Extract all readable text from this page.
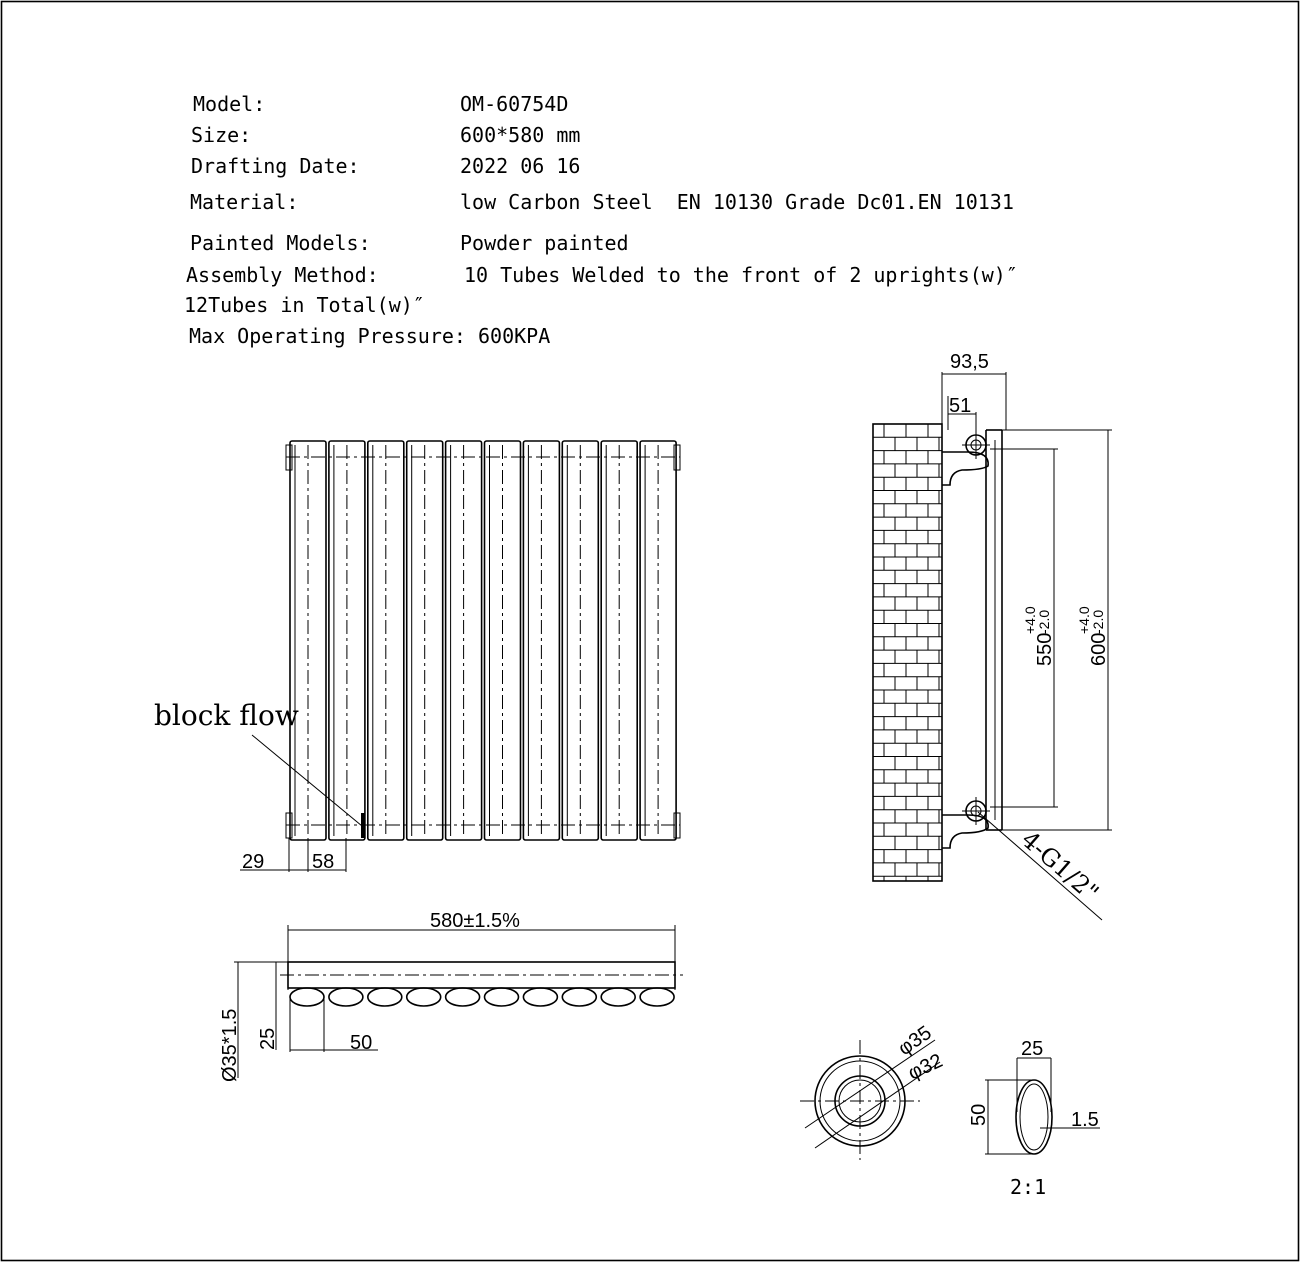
Model:	OM-60754D
Size:	600*580 mm
Drafting Date:	2022 06 16
Material:	low Carbon Steel  EN 10130 Grade Dc01.EN 10131
Painted Models:	Powder painted
Assembly Method:	10 Tubes Welded to the front of 2 uprights(w)″
12Tubes in Total(w)″
Max Operating Pressure: 600KPA
block flow
29 58
580±1.5%
Ø35*1.5 25	50
93,5
51
550
+4.0
-2.0
600
+4.0
-2.0
4-G1/2"
φ35
φ32
25
50	1.5
2:1
